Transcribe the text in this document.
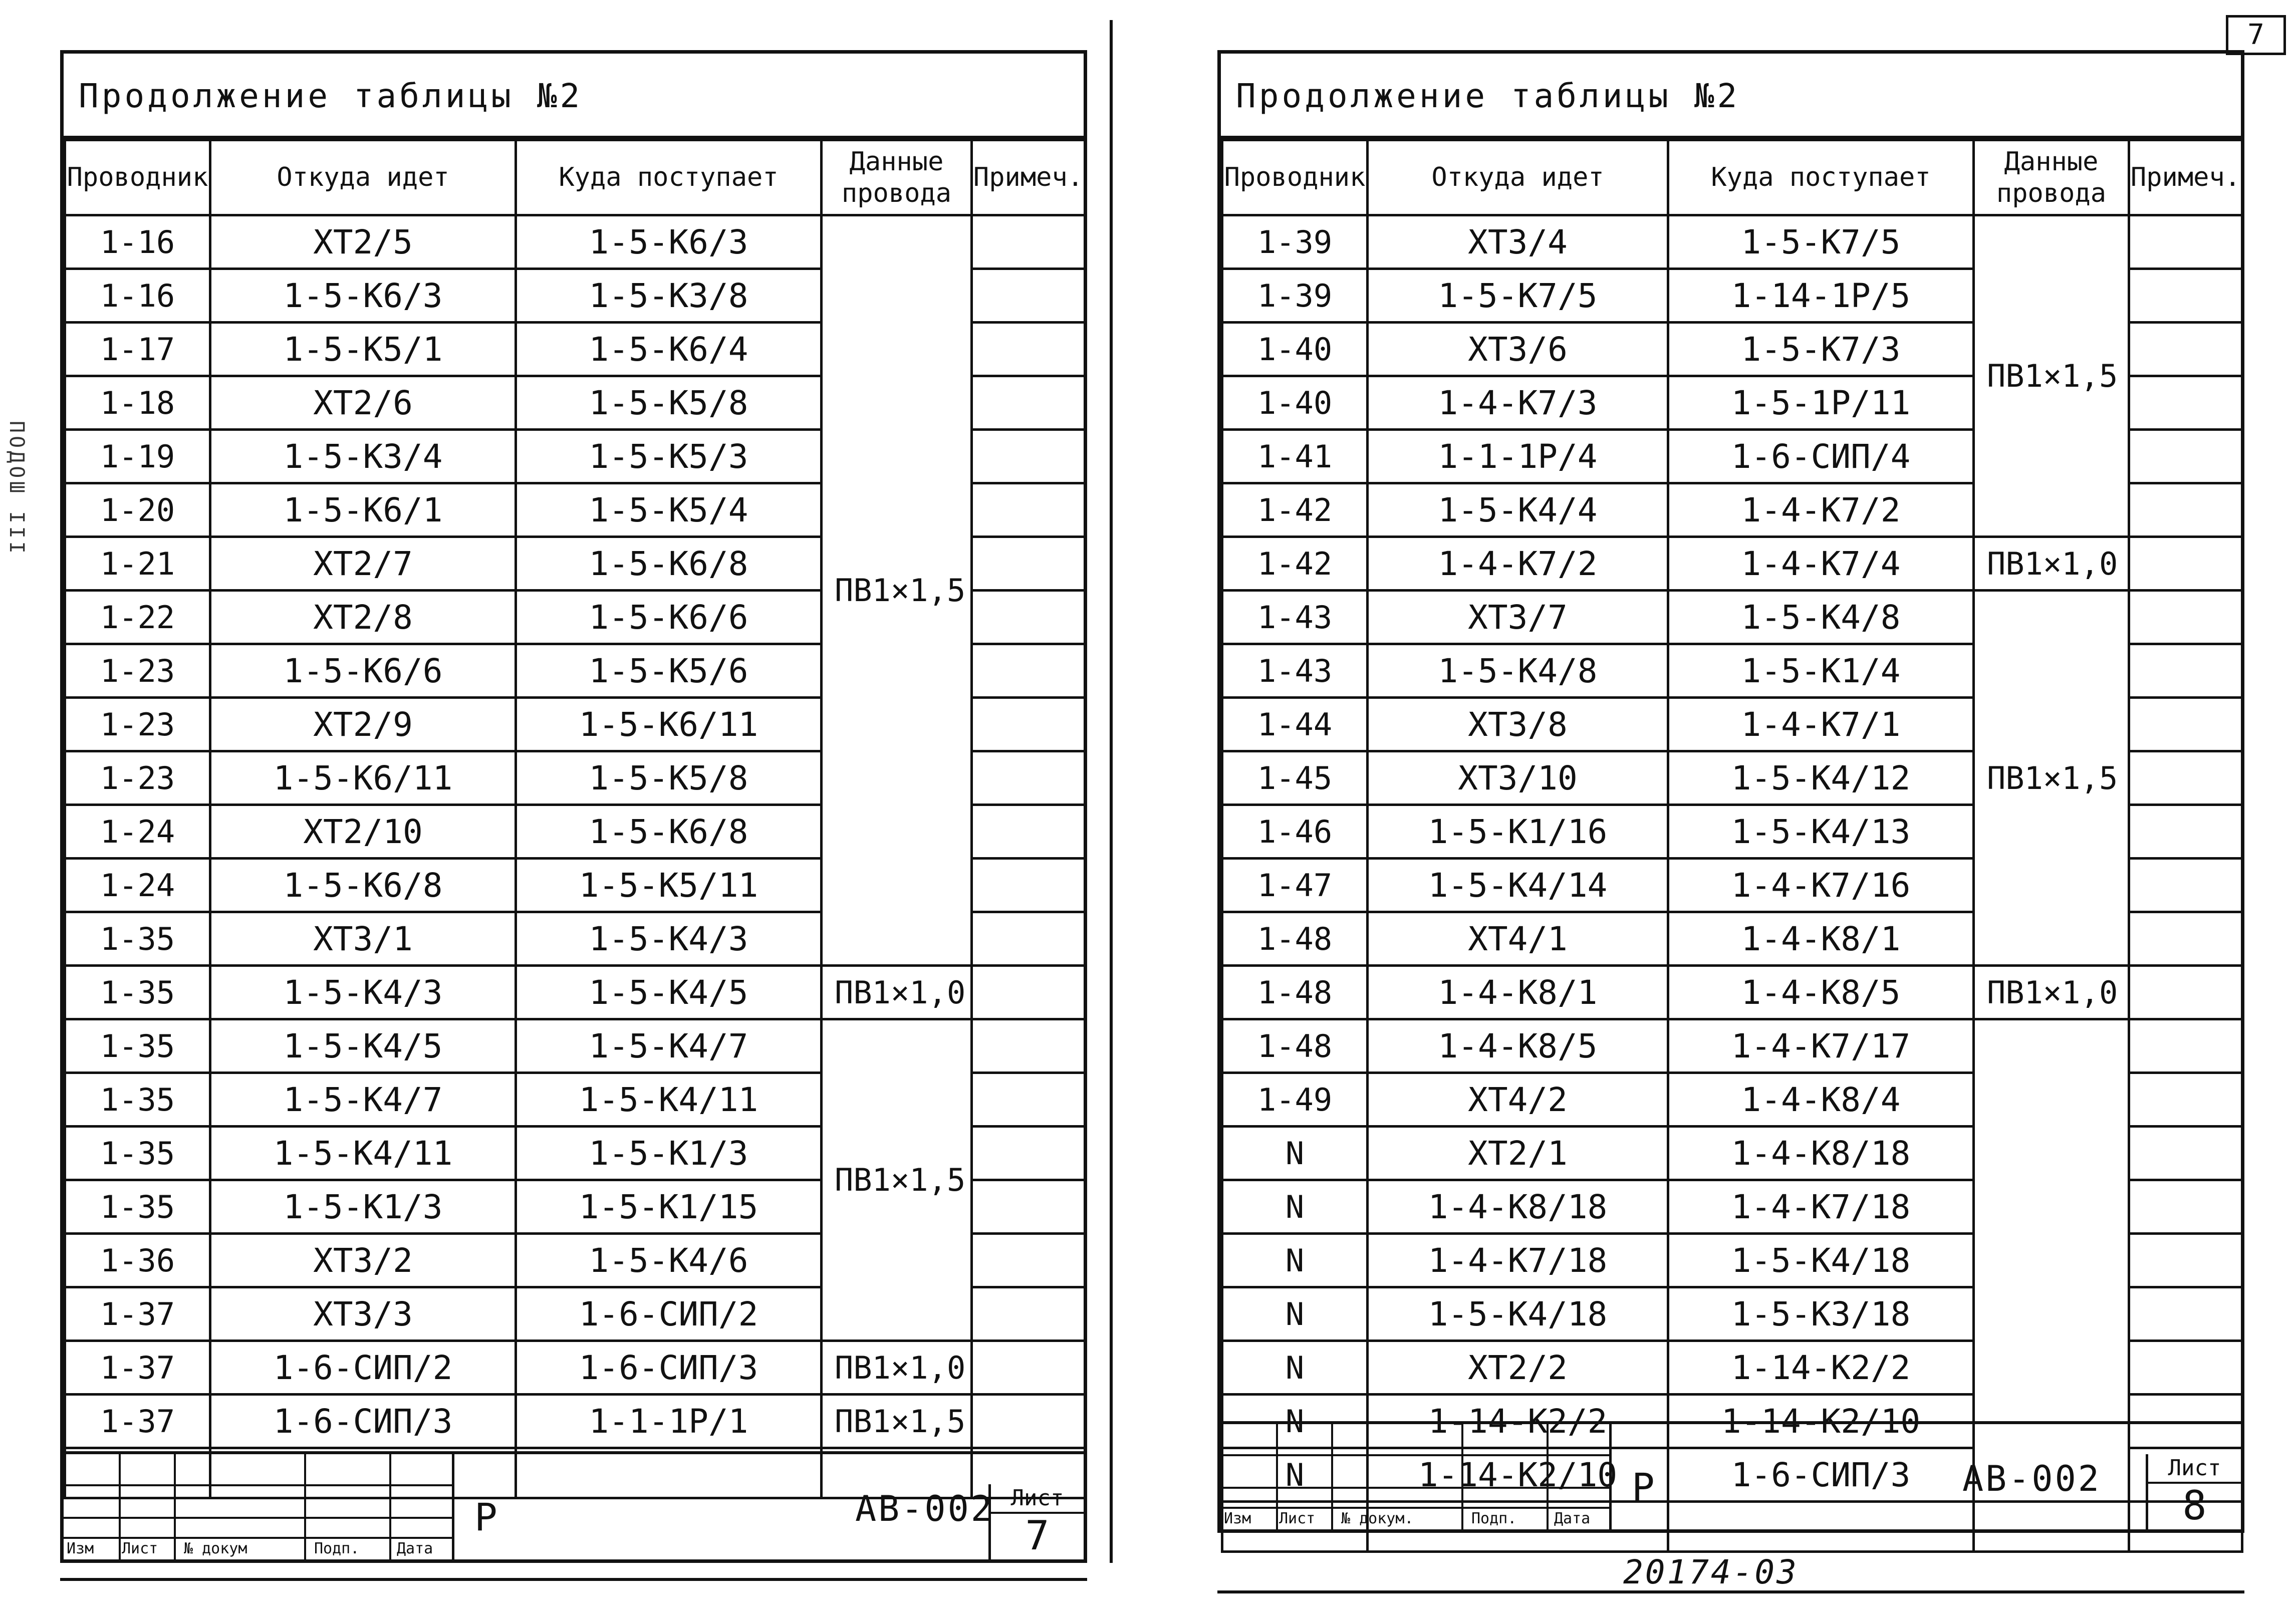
ПОДОШ III
7
Продолжение таблицы №2
Проводник	Откуда идет	Куда поступает	Данные провода	Примеч.
1-16	ХТ2/5	1-5-К6/3	ПВ1×1,5	
1-16	1-5-К6/3	1-5-К3/8		
1-17	1-5-К5/1	1-5-К6/4		
1-18	ХТ2/6	1-5-К5/8		
1-19	1-5-К3/4	1-5-К5/3		
1-20	1-5-К6/1	1-5-К5/4		
1-21	ХТ2/7	1-5-К6/8		
1-22	ХТ2/8	1-5-К6/6		
1-23	1-5-К6/6	1-5-К5/6		
1-23	ХТ2/9	1-5-К6/11		
1-23	1-5-К6/11	1-5-К5/8		
1-24	ХТ2/10	1-5-К6/8		
1-24	1-5-К6/8	1-5-К5/11		
1-35	ХТ3/1	1-5-К4/3		
1-35	1-5-К4/3	1-5-К4/5	ПВ1×1,0	
1-35	1-5-К4/5	1-5-К4/7	ПВ1×1,5	
1-35	1-5-К4/7	1-5-К4/11		
1-35	1-5-К4/11	1-5-К1/3		
1-35	1-5-К1/3	1-5-К1/15		
1-36	ХТ3/2	1-5-К4/6		
1-37	ХТ3/3	1-6-СИП/2		
1-37	1-6-СИП/2	1-6-СИП/3	ПВ1×1,0	
1-37	1-6-СИП/3	1-1-1Р/1	ПВ1×1,5	

Изм Лист № докум	Подп. Дата
Р	АВ-002 Лист
7
Продолжение таблицы №2
Проводник	Откуда идет	Куда поступает	Данные провода	Примеч.
1-39	ХТ3/4	1-5-К7/5	ПВ1×1,5	
1-39	1-5-К7/5	1-14-1Р/5		
1-40	ХТ3/6	1-5-К7/3		
1-40	1-4-К7/3	1-5-1Р/11		
1-41	1-1-1Р/4	1-6-СИП/4		
1-42	1-5-К4/4	1-4-К7/2		
1-42	1-4-К7/2	1-4-К7/4	ПВ1×1,0	
1-43	ХТ3/7	1-5-К4/8	ПВ1×1,5	
1-43	1-5-К4/8	1-5-К1/4		
1-44	ХТ3/8	1-4-К7/1		
1-45	ХТ3/10	1-5-К4/12		
1-46	1-5-К1/16	1-5-К4/13		
1-47	1-5-К4/14	1-4-К7/16		
1-48	ХТ4/1	1-4-К8/1		
1-48	1-4-К8/1	1-4-К8/5	ПВ1×1,0	
1-48	1-4-К8/5	1-4-К7/17		
1-49	ХТ4/2	1-4-К8/4		
N	ХТ2/1	1-4-К8/18		
N	1-4-К8/18	1-4-К7/18		
N	1-4-К7/18	1-5-К4/18		
N	1-5-К4/18	1-5-К3/18		
N	ХТ2/2	1-14-К2/2		
N	1-14-К2/2	1-14-К2/10		
N	1-14-К2/10	1-6-СИП/3		

Изм Лист № докум.	Подп. Дата
Р	АВ-002	Лист
8
20174-03
